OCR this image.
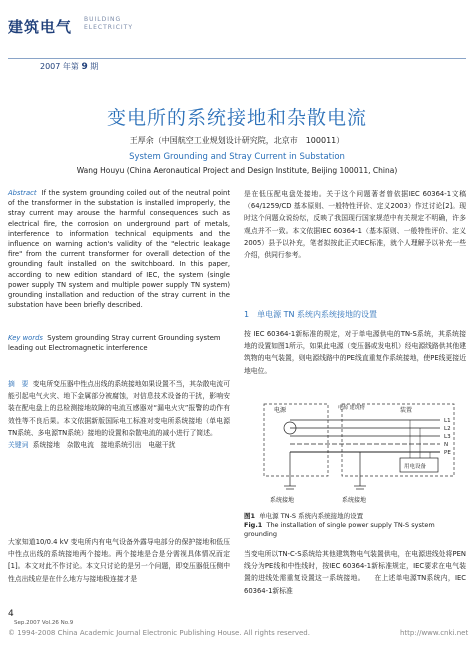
建筑电气 BUILDING
ELECTRICITY
2007 年第 9 期
变电所的系统接地和杂散电流
王厚余（中国航空工业规划设计研究院，北京市　100011）
System Grounding and Stray Current in Substation
Wang Houyu (China Aeronautical Project and Design Institute, Beijing 100011, China)
Abstract If the system grounding coiled out of the neutral point of the transformer in the substation is installed improperly, the stray current may arouse the harmful consequences such as electrical fire, the corrosion on underground part of metals, interference to information technical equipments and the influence on warning action's validity of the "electric leakage fire" from the current transformer for overall detection of the grounding fault installed on the switchboard. In this paper, according to new edition standard of IEC, the system (single power supply TN system and multiple power supply TN system) grounding installation and reduction of the stray current in the substation have been briefly described.
Key words System grounding Stray current Grounding system leading out Electromagnetic interference
摘　要 变电所变压器中性点出线的系统接地如果设置不当，其杂散电流可能引起电气火灾、地下金属部分被腐蚀，对信息技术设备的干扰，影响安装在配电盘上的总检测接地故障的电流互感器对“漏电火灾”报警的动作有效性等不良后果。本文依据新版国际电工标准对变电所系统接地（单电源TN系统、多电源TN系统）接地的设置和杂散电流的减小进行了简述。
关键词 系统接地　杂散电流　接地系统引出　电磁干扰
大家知道10/0.4 kV 变电所内有电气设备外露导电部分的保护接地和低压中性点出线的系统接地两个接地。两个接地是合是分需视具体情况而定[1]。本文对此不作讨论。本文只讨论的是另一个问题，即变压器低压侧中性点出线应是在什么地方与接地极连接才是
是在低压配电盘处接地。关于这个问题著者曾依据IEC 60364-1文稿（64/1259/CD 基本原则、一般特性评价、定义2003）作过讨论[2]。现时这个问题众说纷纭，反映了我国现行国家规范中有关规定不明确，许多观点并不一致。本文依据IEC 60364-1（基本原则、一般特性评价、定义2005）县予以补充，笔者拟按此正式IEC标准，就个人理解予以补充一些介绍，供同行参考。
1　单电源 TN 系统内系统接地的设置
按 IEC 60364-1新标准的规定，对于单电源供电的TN-S系统，其系统接地的设置如图1所示，如果此电源（变压器或发电机）经电源线路供其他建筑物的电气装置，则电源线路中的PE线直重复作系统接地，使PE线更接近地电位。
电源	电源 建筑物	装置
L1
L2
L3
N
PE
系统接地	系统接地
用电设备
图1 单电源 TN-S 系统内系统接地的设置
Fig.1 The installation of single power supply TN-S system grounding
当变电所以TN-C-S系统给其他建筑物电气装置供电，在电源进线处将PEN线分为PE线和中性线时，按IEC 60364-1新标准规定，IEC要求在电气装置的进线处需重复设置这一系统接地。 　在上述单电源TN系统内，IEC 60364-1新标准
4
Sep.2007 Vol.26 No.9
© 1994-2008 China Academic Journal Electronic Publishing House. All rights reserved.	http://www.cnki.net
